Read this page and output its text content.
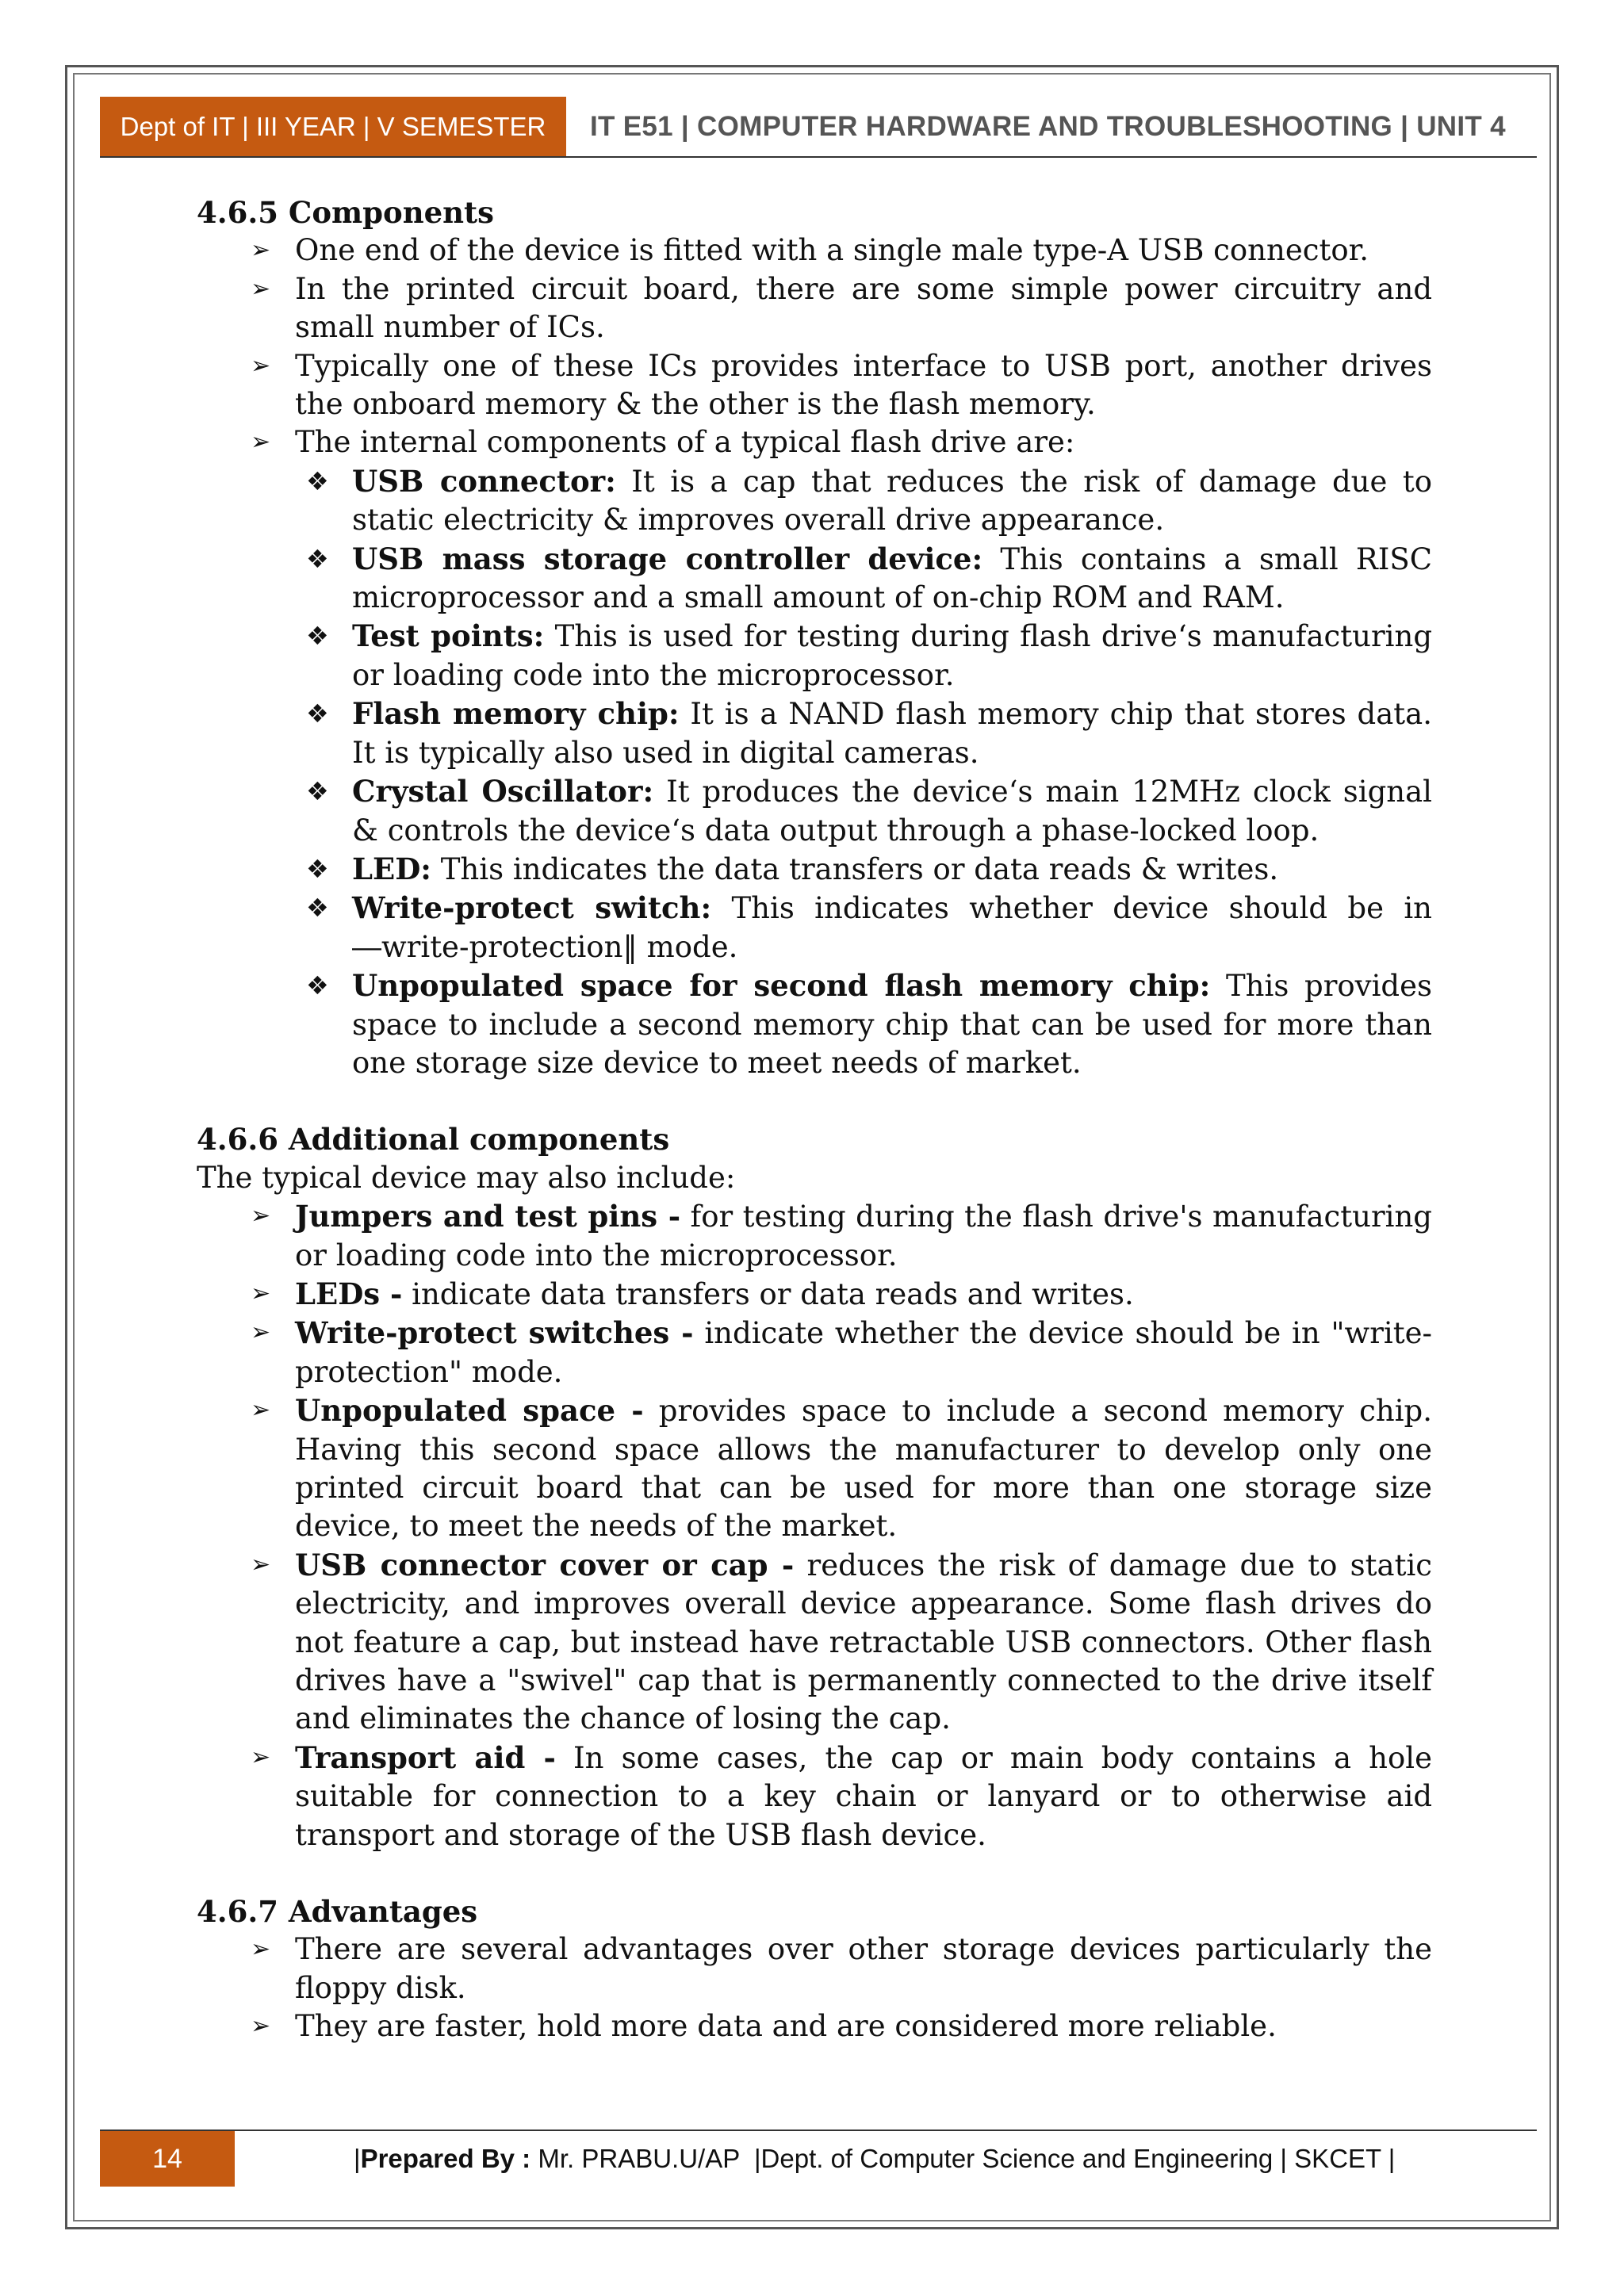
Dept of IT | III YEAR | V SEMESTER	IT E51 | COMPUTER HARDWARE AND TROUBLESHOOTING | UNIT 4
4.6.5 Components
➢ One end of the device is fitted with a single male type-A USB connector.
➢ In the printed circuit board, there are some simple power circuitry and small number of ICs.
➢ Typically one of these ICs provides interface to USB port, another drives the onboard memory & the other is the flash memory.
➢ The internal components of a typical flash drive are:
❖ USB connector: It is a cap that reduces the risk of damage due to static electricity & improves overall drive appearance.
❖ USB mass storage controller device: This contains a small RISC microprocessor and a small amount of on-chip ROM and RAM.
❖ Test points: This is used for testing during flash drive‘s manufacturing or loading code into the microprocessor.
❖ Flash memory chip: It is a NAND flash memory chip that stores data. It is typically also used in digital cameras.
❖ Crystal Oscillator: It produces the device‘s main 12MHz clock signal & controls the device‘s data output through a phase-locked loop.
❖ LED: This indicates the data transfers or data reads & writes.
❖ Write-protect switch: This indicates whether device should be in ―write-protection‖ mode.
❖ Unpopulated space for second flash memory chip: This provides space to include a second memory chip that can be used for more than one storage size device to meet needs of market.
4.6.6 Additional components
The typical device may also include:
➢ Jumpers and test pins - for testing during the flash drive's manufacturing or loading code into the microprocessor.
➢ LEDs - indicate data transfers or data reads and writes.
➢ Write-protect switches - indicate whether the device should be in "write-protection" mode.
➢ Unpopulated space - provides space to include a second memory chip. Having this second space allows the manufacturer to develop only one printed circuit board that can be used for more than one storage size device, to meet the needs of the market.
➢ USB connector cover or cap - reduces the risk of damage due to static electricity, and improves overall device appearance. Some flash drives do not feature a cap, but instead have retractable USB connectors. Other flash drives have a "swivel" cap that is permanently connected to the drive itself and eliminates the chance of losing the cap.
➢ Transport aid - In some cases, the cap or main body contains a hole suitable for connection to a key chain or lanyard or to otherwise aid transport and storage of the USB flash device.
4.6.7 Advantages
➢ There are several advantages over other storage devices particularly the floppy disk.
➢ They are faster, hold more data and are considered more reliable.
14	| Prepared By : Mr. PRABU.U/AP  |Dept. of Computer Science and Engineering | SKCET |
